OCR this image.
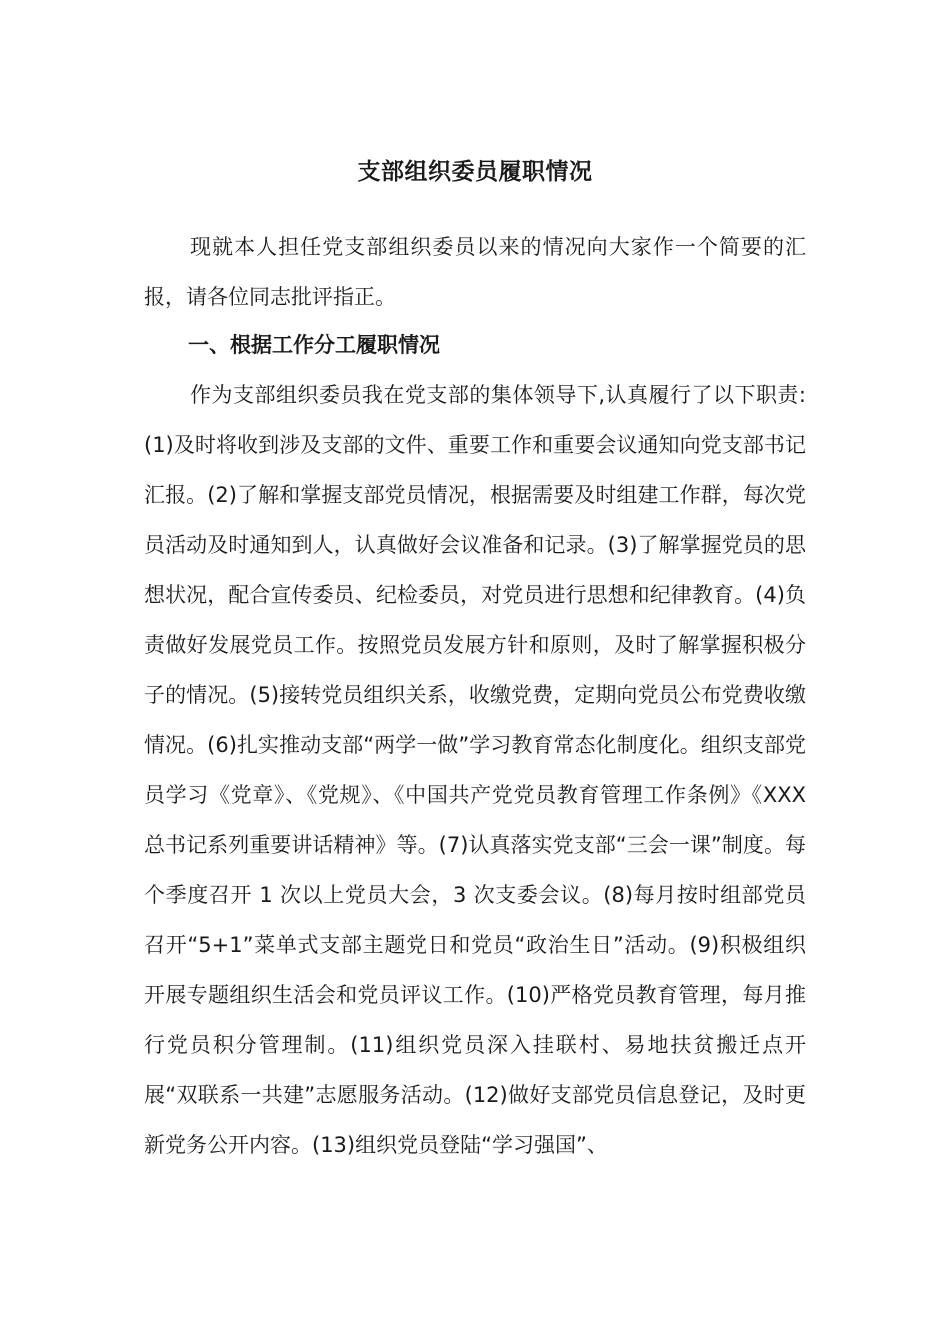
支部组织委员履职情况

现就本人担任党支部组织委员以来的情况向大家作一个简要的汇报，请各位同志批评指正。

一、根据工作分工履职情况

作为支部组织委员我在党支部的集体领导下,认真履行了以下职责:(1)及时将收到涉及支部的文件、重要工作和重要会议通知向党支部书记汇报。(2)了解和掌握支部党员情况，根据需要及时组建工作群，每次党员活动及时通知到人，认真做好会议准备和记录。(3)了解掌握党员的思想状况，配合宣传委员、纪检委员，对党员进行思想和纪律教育。(4)负责做好发展党员工作。按照党员发展方针和原则，及时了解掌握积极分子的情况。(5)接转党员组织关系，收缴党费，定期向党员公布党费收缴情况。(6)扎实推动支部“两学一做”学习教育常态化制度化。组织支部党员学习《党章》、《党规》、《中国共产党党员教育管理工作条例》《XXX 总书记系列重要讲话精神》等。(7)认真落实党支部“三会一课”制度。每个季度召开 1 次以上党员大会，3 次支委会议。(8)每月按时组部党员召开“5+1”菜单式支部主题党日和党员“政治生日”活动。(9)积极组织开展专题组织生活会和党员评议工作。(10)严格党员教育管理，每月推行党员积分管理制。(11)组织党员深入挂联村、易地扶贫搬迁点开展“双联系一共建”志愿服务活动。(12)做好支部党员信息登记，及时更新党务公开内容。(13)组织党员登陆“学习强国”、
